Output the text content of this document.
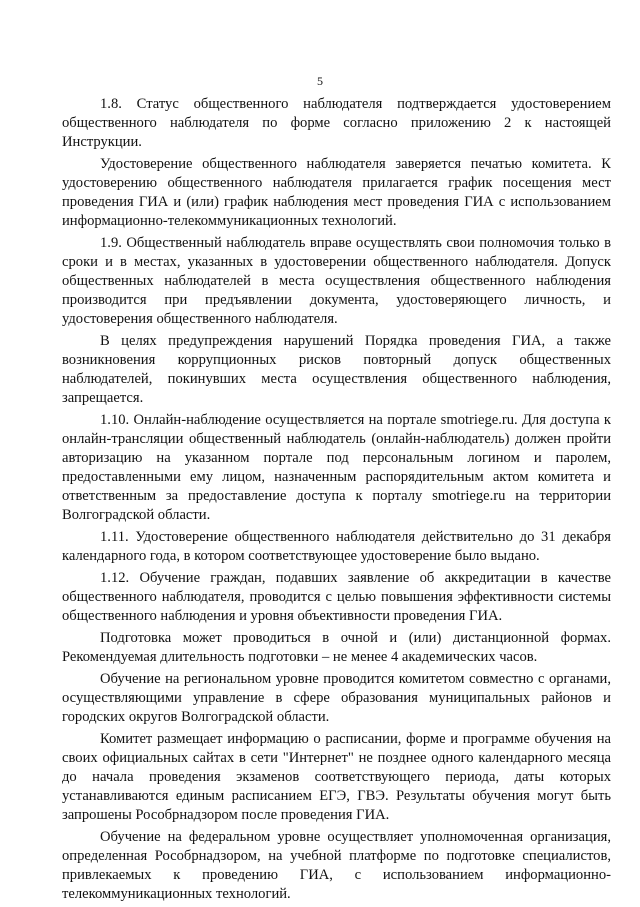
5

1.8. Статус общественного наблюдателя подтверждается удостоверением общественного наблюдателя по форме согласно приложению 2 к настоящей Инструкции.

Удостоверение общественного наблюдателя заверяется печатью комитета. К удостоверению общественного наблюдателя прилагается график посещения мест проведения ГИА и (или) график наблюдения мест проведения ГИА с использованием информационно-телекоммуникационных технологий.

1.9. Общественный наблюдатель вправе осуществлять свои полномочия только в сроки и в местах, указанных в удостоверении общественного наблюдателя. Допуск общественных наблюдателей в места осуществления общественного наблюдения производится при предъявлении документа, удостоверяющего личность, и удостоверения общественного наблюдателя.

В целях предупреждения нарушений Порядка проведения ГИА, а также возникновения коррупционных рисков повторный допуск общественных наблюдателей, покинувших места осуществления общественного наблюдения, запрещается.

1.10. Онлайн-наблюдение осуществляется на портале smotriege.ru. Для доступа к онлайн-трансляции общественный наблюдатель (онлайн-наблюдатель) должен пройти авторизацию на указанном портале под персональным логином и паролем, предоставленными ему лицом, назначенным распорядительным актом комитета и ответственным за предоставление доступа к порталу smotriege.ru на территории Волгоградской области.

1.11. Удостоверение общественного наблюдателя действительно до 31 декабря календарного года, в котором соответствующее удостоверение было выдано.

1.12. Обучение граждан, подавших заявление об аккредитации в качестве общественного наблюдателя, проводится с целью повышения эффективности системы общественного наблюдения и уровня объективности проведения ГИА.

Подготовка может проводиться в очной и (или) дистанционной формах. Рекомендуемая длительность подготовки – не менее 4 академических часов.

Обучение на региональном уровне проводится комитетом совместно с органами, осуществляющими управление в сфере образования муниципальных районов и городских округов Волгоградской области.

Комитет размещает информацию о расписании, форме и программе обучения на своих официальных сайтах в сети "Интернет" не позднее одного календарного месяца до начала проведения экзаменов соответствующего периода, даты которых устанавливаются единым расписанием ЕГЭ, ГВЭ. Результаты обучения могут быть запрошены Рособрнадзором после проведения ГИА.

Обучение на федеральном уровне осуществляет уполномоченная организация, определенная Рособрнадзором, на учебной платформе по подготовке специалистов, привлекаемых к проведению ГИА, с использованием информационно-телекоммуникационных технологий.
